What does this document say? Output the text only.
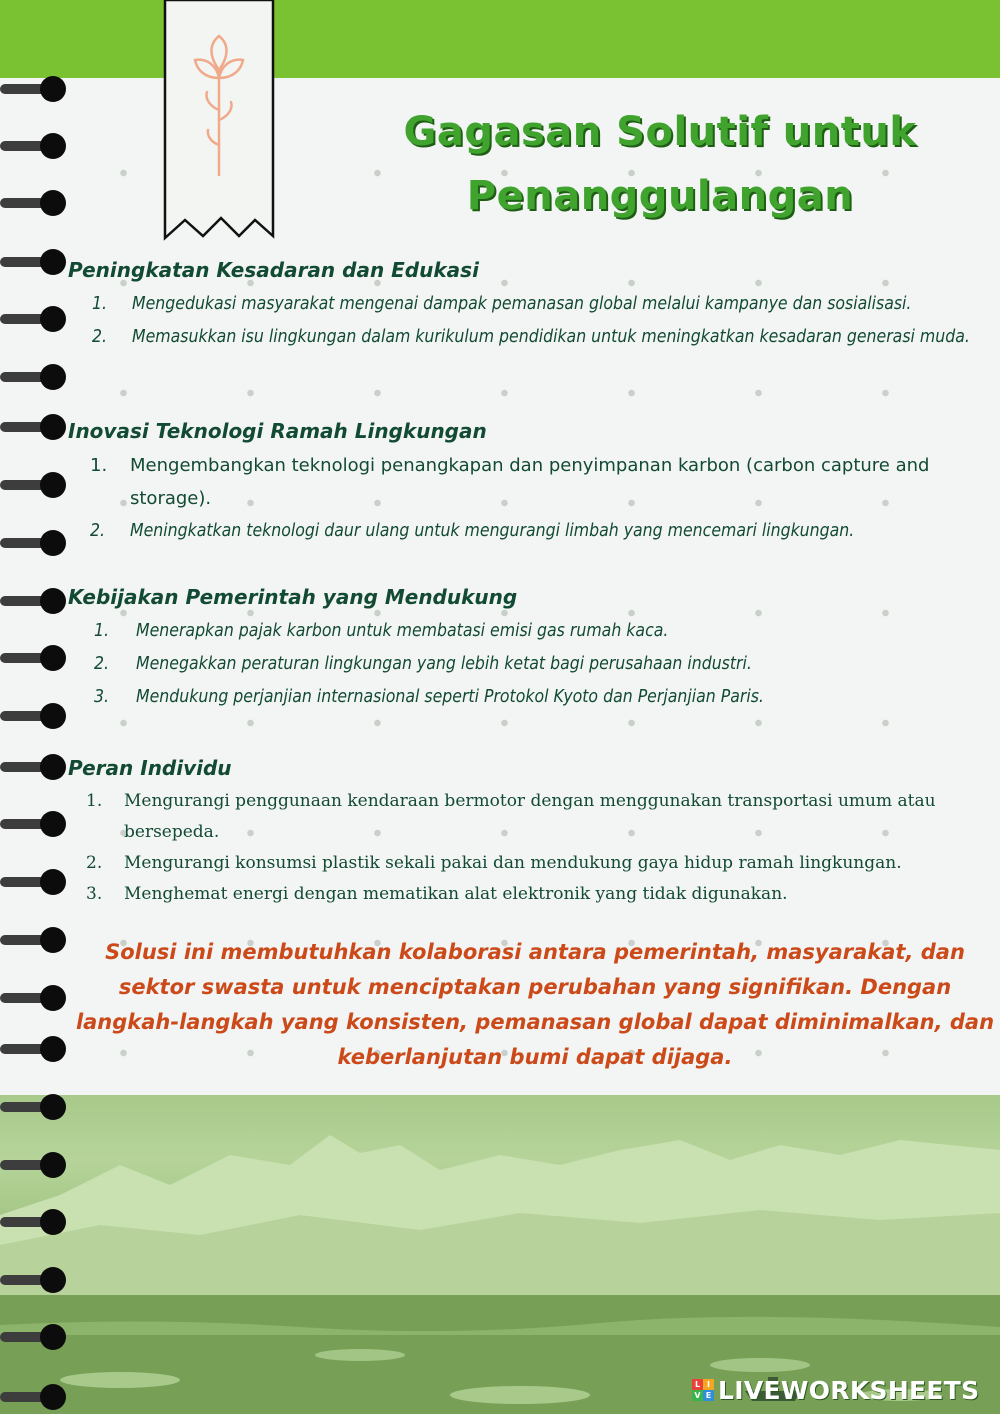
Gagasan Solutif untuk
Penanggulangan
Peningkatan Kesadaran dan Edukasi
1. Mengedukasi masyarakat mengenai dampak pemanasan global melalui kampanye dan sosialisasi.
2. Memasukkan isu lingkungan dalam kurikulum pendidikan untuk meningkatkan kesadaran generasi muda.
Inovasi Teknologi Ramah Lingkungan
1. Mengembangkan teknologi penangkapan dan penyimpanan karbon (carbon capture and storage).
2. Meningkatkan teknologi daur ulang untuk mengurangi limbah yang mencemari lingkungan.
Kebijakan Pemerintah yang Mendukung
1. Menerapkan pajak karbon untuk membatasi emisi gas rumah kaca.
2. Menegakkan peraturan lingkungan yang lebih ketat bagi perusahaan industri.
3. Mendukung perjanjian internasional seperti Protokol Kyoto dan Perjanjian Paris.
Peran Individu
1. Mengurangi penggunaan kendaraan bermotor dengan menggunakan transportasi umum atau bersepeda.
2. Mengurangi konsumsi plastik sekali pakai dan mendukung gaya hidup ramah lingkungan.
3. Menghemat energi dengan mematikan alat elektronik yang tidak digunakan.
Solusi ini membutuhkan kolaborasi antara pemerintah, masyarakat, dan sektor swasta untuk menciptakan perubahan yang signifikan. Dengan langkah-langkah yang konsisten, pemanasan global dapat diminimalkan, dan keberlanjutan bumi dapat dijaga.
L I
V E LIVEWORKSHEETS
